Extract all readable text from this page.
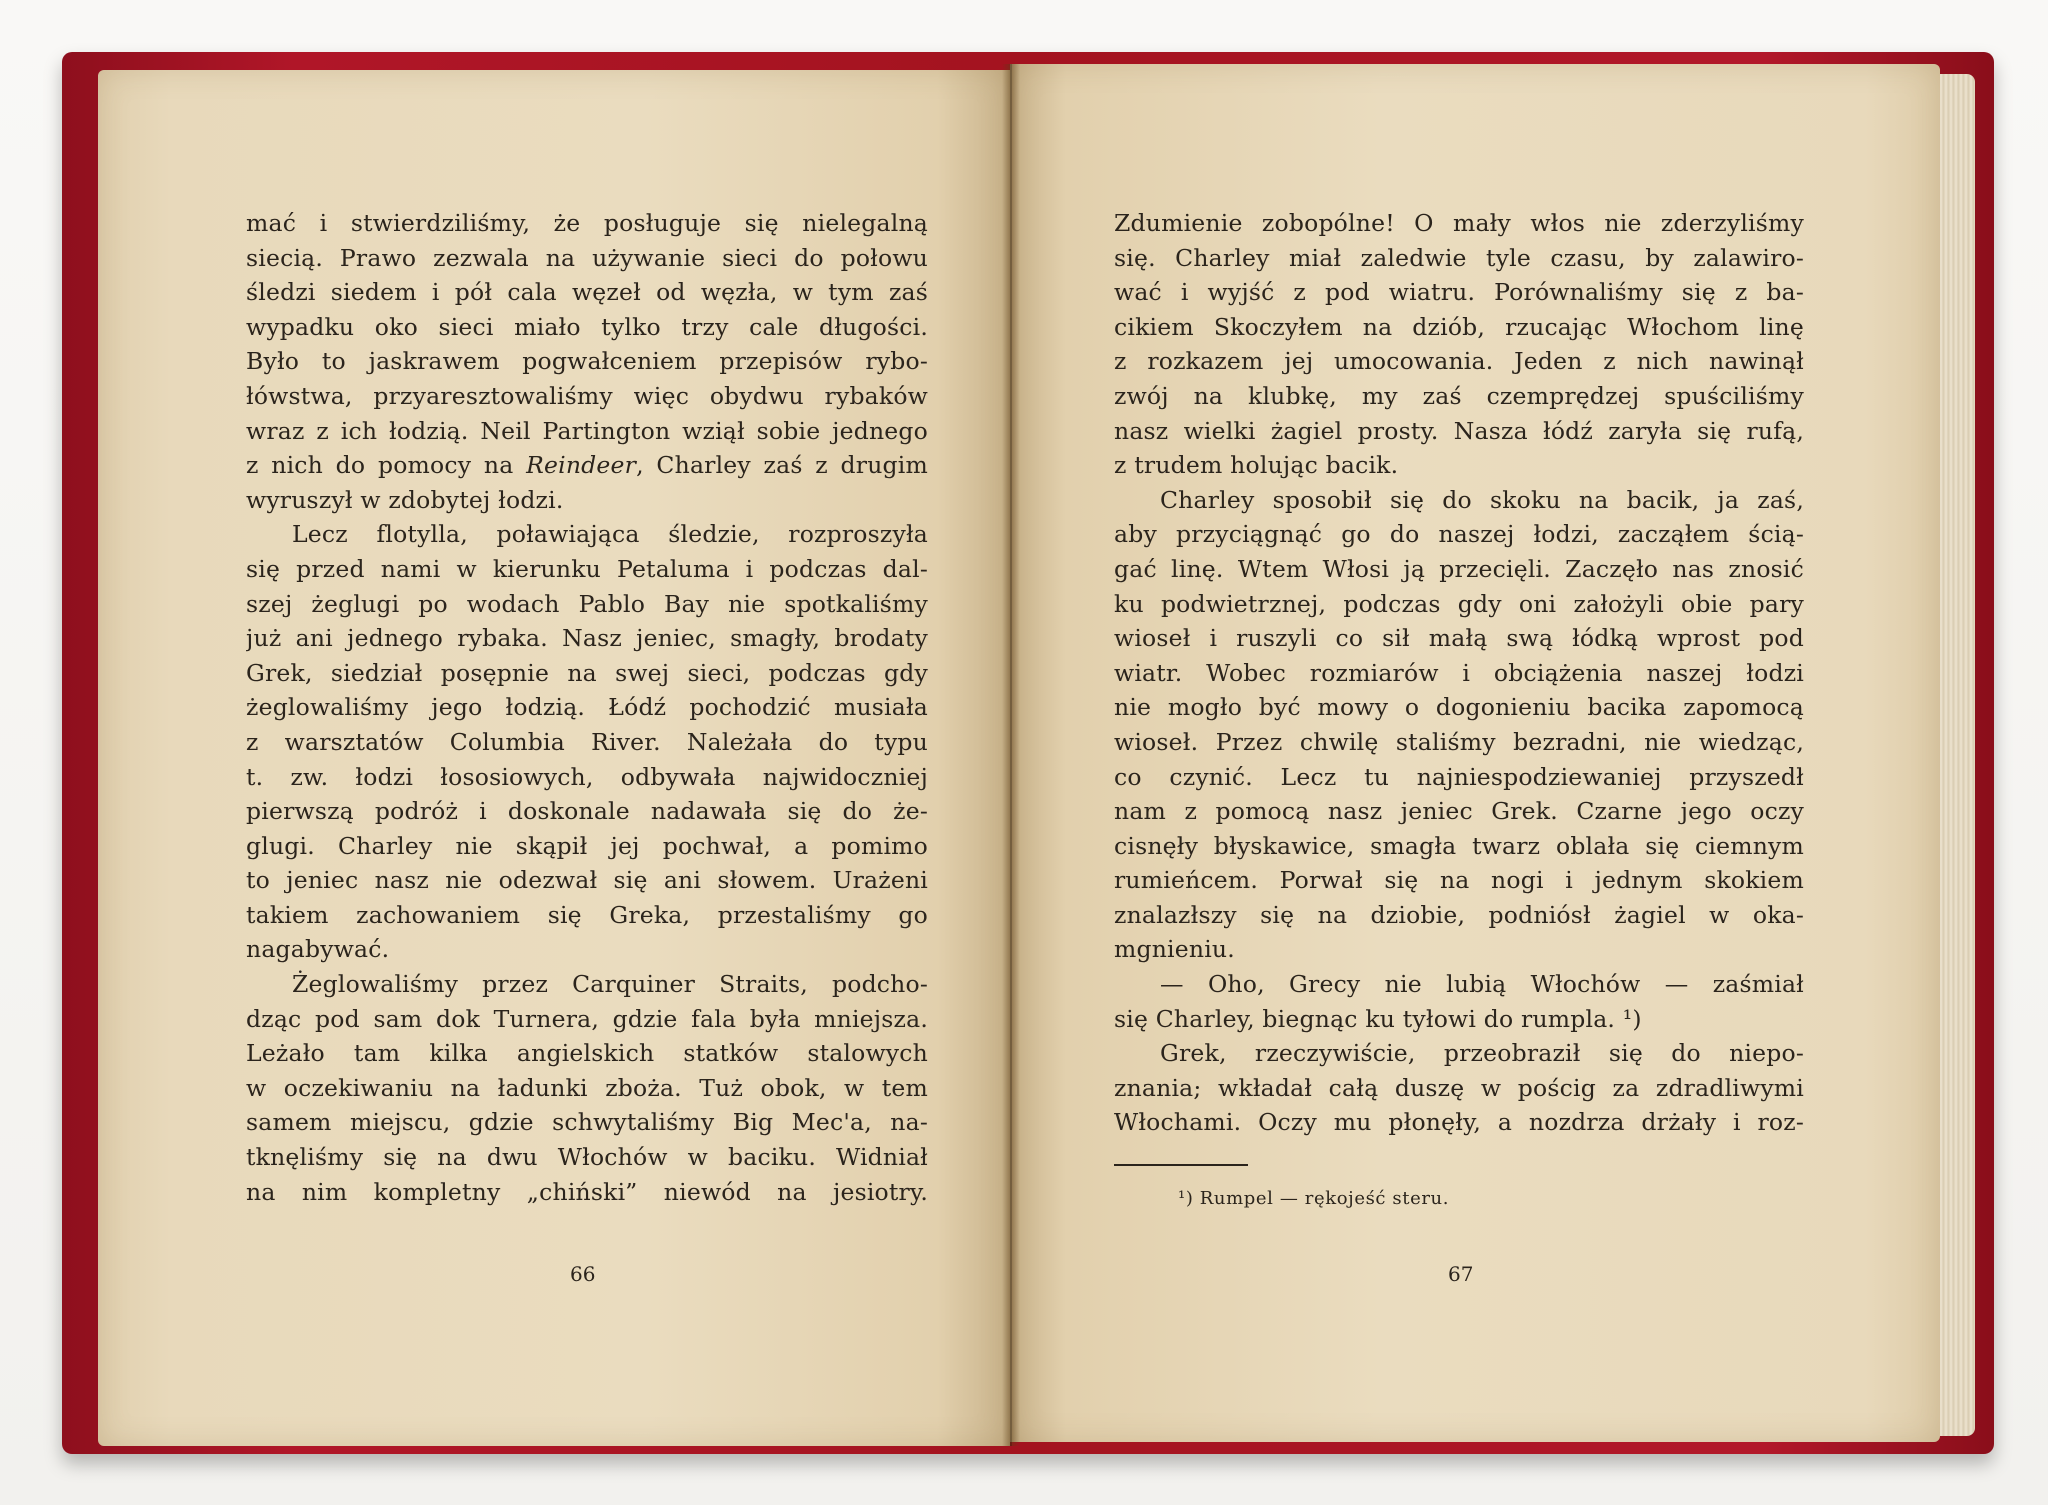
mać i stwierdziliśmy, że posługuje się nielegalną
siecią. Prawo zezwala na używanie sieci do połowu
śledzi siedem i pół cala węzeł od węzła, w tym zaś
wypadku oko sieci miało tylko trzy cale długości.
Było to jaskrawem pogwałceniem przepisów rybo-
łówstwa, przyaresztowaliśmy więc obydwu rybaków
wraz z ich łodzią. Neil Partington wziął sobie jednego
z nich do pomocy na Reindeer, Charley zaś z drugim
wyruszył w zdobytej łodzi.
Lecz flotylla, poławiająca śledzie, rozproszyła
się przed nami w kierunku Petaluma i podczas dal-
szej żeglugi po wodach Pablo Bay nie spotkaliśmy
już ani jednego rybaka. Nasz jeniec, smagły, brodaty
Grek, siedział posępnie na swej sieci, podczas gdy
żeglowaliśmy jego łodzią. Łódź pochodzić musiała
z warsztatów Columbia River. Należała do typu
t. zw. łodzi łososiowych, odbywała najwidoczniej
pierwszą podróż i doskonale nadawała się do że-
glugi. Charley nie skąpił jej pochwał, a pomimo
to jeniec nasz nie odezwał się ani słowem. Urażeni
takiem zachowaniem się Greka, przestaliśmy go
nagabywać.
Żeglowaliśmy przez Carquiner Straits, podcho-
dząc pod sam dok Turnera, gdzie fala była mniejsza.
Leżało tam kilka angielskich statków stalowych
w oczekiwaniu na ładunki zboża. Tuż obok, w tem
samem miejscu, gdzie schwytaliśmy Big Mec'a, na-
tknęliśmy się na dwu Włochów w baciku. Widniał
na nim kompletny „chiński” niewód na jesiotry.
66
Zdumienie zobopólne! O mały włos nie zderzyliśmy
się. Charley miał zaledwie tyle czasu, by zalawiro-
wać i wyjść z pod wiatru. Porównaliśmy się z ba-
cikiem Skoczyłem na dziób, rzucając Włochom linę
z rozkazem jej umocowania. Jeden z nich nawinął
zwój na klubkę, my zaś czemprędzej spuściliśmy
nasz wielki żagiel prosty. Nasza łódź zaryła się rufą,
z trudem holując bacik.
Charley sposobił się do skoku na bacik, ja zaś,
aby przyciągnąć go do naszej łodzi, zacząłem ścią-
gać linę. Wtem Włosi ją przecięli. Zaczęło nas znosić
ku podwietrznej, podczas gdy oni założyli obie pary
wioseł i ruszyli co sił małą swą łódką wprost pod
wiatr. Wobec rozmiarów i obciążenia naszej łodzi
nie mogło być mowy o dogonieniu bacika zapomocą
wioseł. Przez chwilę staliśmy bezradni, nie wiedząc,
co czynić. Lecz tu najniespodziewaniej przyszedł
nam z pomocą nasz jeniec Grek. Czarne jego oczy
cisnęły błyskawice, smagła twarz oblała się ciemnym
rumieńcem. Porwał się na nogi i jednym skokiem
znalazłszy się na dziobie, podniósł żagiel w oka-
mgnieniu.
— Oho, Grecy nie lubią Włochów — zaśmiał
się Charley, biegnąc ku tyłowi do rumpla. ¹)
Grek, rzeczywiście, przeobraził się do niepo-
znania; wkładał całą duszę w pościg za zdradliwymi
Włochami. Oczy mu płonęły, a nozdrza drżały i roz-
¹) Rumpel — rękojeść steru.
67
